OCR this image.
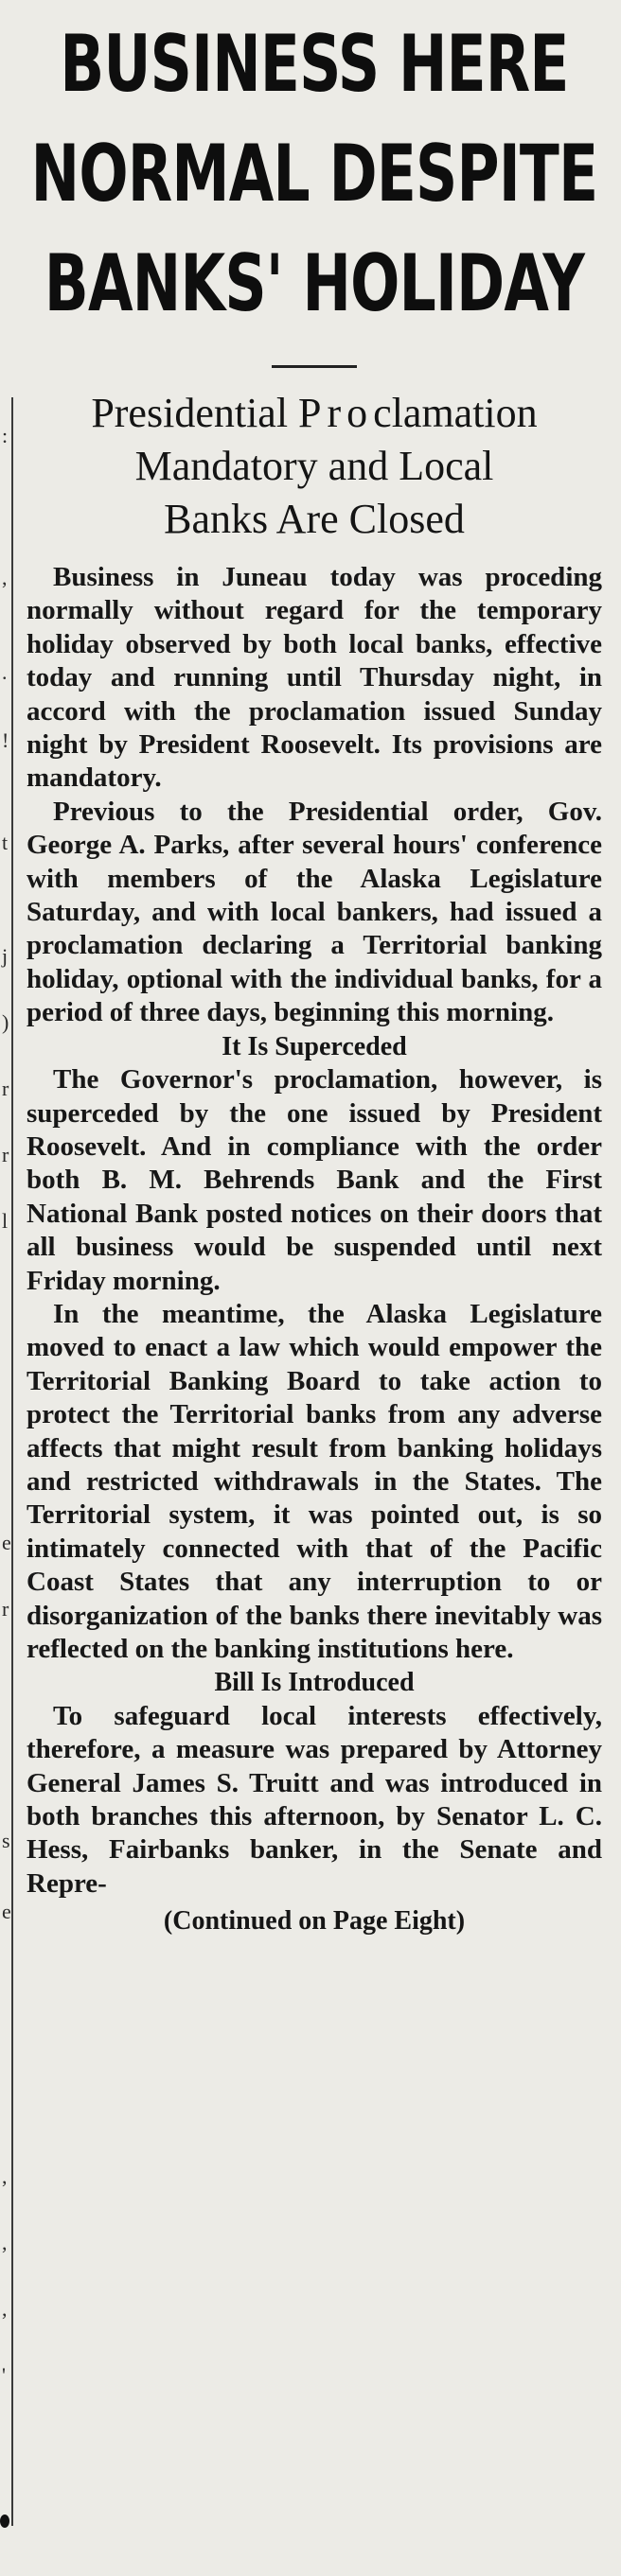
:
,
.
!
t
j
)
r
r
l
e
r
s
e
,
,
,
'
BUSINESS HERE
NORMAL DESPITE
BANKS' HOLIDAY
Presidential Proclamation
Mandatory and Local
Banks Are Closed

Business in Juneau today was proceding normally without regard for the temporary holiday observed by both local banks, effective today and running until Thursday night, in accord with the proclamation issued Sunday night by President Roosevelt. Its provisions are mandatory.

Previous to the Presidential order, Gov. George A. Parks, after several hours' conference with members of the Alaska Legislature Saturday, and with local bankers, had issued a proclamation declaring a Territorial banking holiday, optional with the individual banks, for a period of three days, beginning this morning.

It Is Superceded

The Governor's proclamation, however, is superceded by the one issued by President Roosevelt. And in compliance with the order both B. M. Behrends Bank and the First National Bank posted notices on their doors that all business would be suspended until next Friday morning.

In the meantime, the Alaska Legislature moved to enact a law which would empower the Territorial Banking Board to take action to protect the Territorial banks from any adverse affects that might result from banking holidays and restricted withdrawals in the States. The Territorial system, it was pointed out, is so intimately connected with that of the Pacific Coast States that any interruption to or disorganization of the banks there inevitably was reflected on the banking institutions here.

Bill Is Introduced

To safeguard local interests effectively, therefore, a measure was prepared by Attorney General James S. Truitt and was introduced in both branches this afternoon, by Senator L. C. Hess, Fairbanks banker, in the Senate and Repre-

(Continued on Page Eight)
